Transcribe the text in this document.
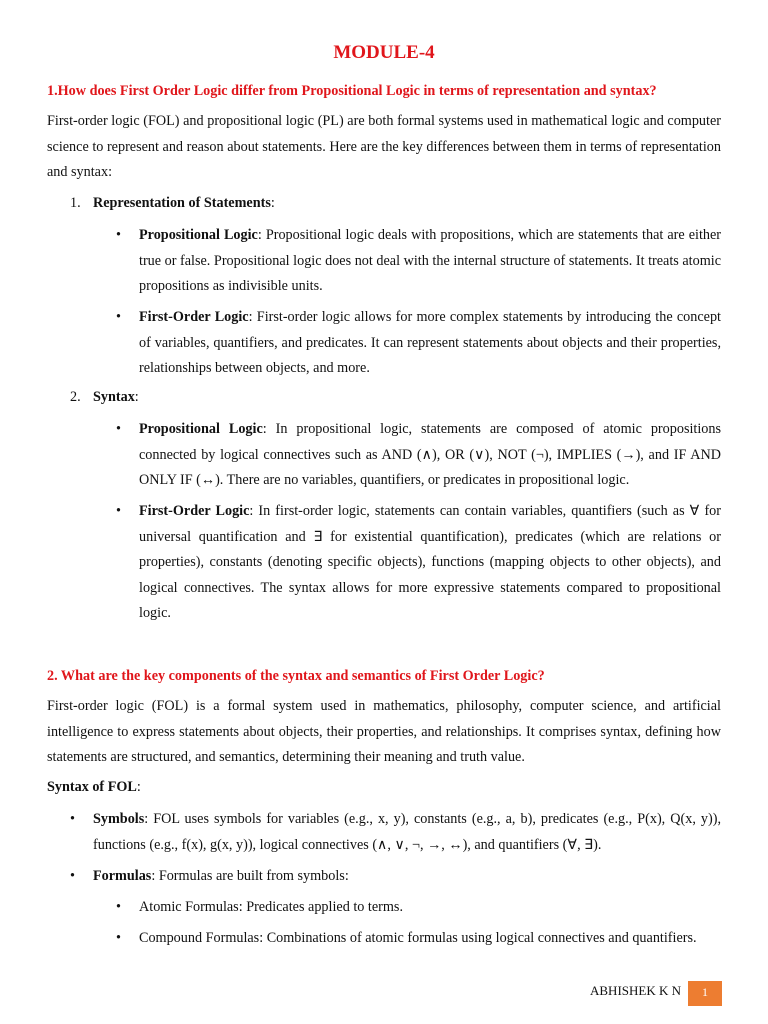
MODULE-4
1.How does First Order Logic differ from Propositional Logic in terms of representation and syntax?
First-order logic (FOL) and propositional logic (PL) are both formal systems used in mathematical logic and computer science to represent and reason about statements. Here are the key differences between them in terms of representation and syntax:
1. Representation of Statements:
• Propositional Logic: Propositional logic deals with propositions, which are statements that are either true or false. Propositional logic does not deal with the internal structure of statements. It treats atomic propositions as indivisible units.
• First-Order Logic: First-order logic allows for more complex statements by introducing the concept of variables, quantifiers, and predicates. It can represent statements about objects and their properties, relationships between objects, and more.
2. Syntax:
• Propositional Logic: In propositional logic, statements are composed of atomic propositions connected by logical connectives such as AND (∧), OR (∨), NOT (¬), IMPLIES (→), and IF AND ONLY IF (↔). There are no variables, quantifiers, or predicates in propositional logic.
• First-Order Logic: In first-order logic, statements can contain variables, quantifiers (such as ∀ for universal quantification and ∃ for existential quantification), predicates (which are relations or properties), constants (denoting specific objects), functions (mapping objects to other objects), and logical connectives. The syntax allows for more expressive statements compared to propositional logic.
2. What are the key components of the syntax and semantics of First Order Logic?
First-order logic (FOL) is a formal system used in mathematics, philosophy, computer science, and artificial intelligence to express statements about objects, their properties, and relationships. It comprises syntax, defining how statements are structured, and semantics, determining their meaning and truth value.
Syntax of FOL:
• Symbols: FOL uses symbols for variables (e.g., x, y), constants (e.g., a, b), predicates (e.g., P(x), Q(x, y)), functions (e.g., f(x), g(x, y)), logical connectives (∧, ∨, ¬, →, ↔), and quantifiers (∀, ∃).
• Formulas: Formulas are built from symbols:
• Atomic Formulas: Predicates applied to terms.
• Compound Formulas: Combinations of atomic formulas using logical connectives and quantifiers.
ABHISHEK K N	1
